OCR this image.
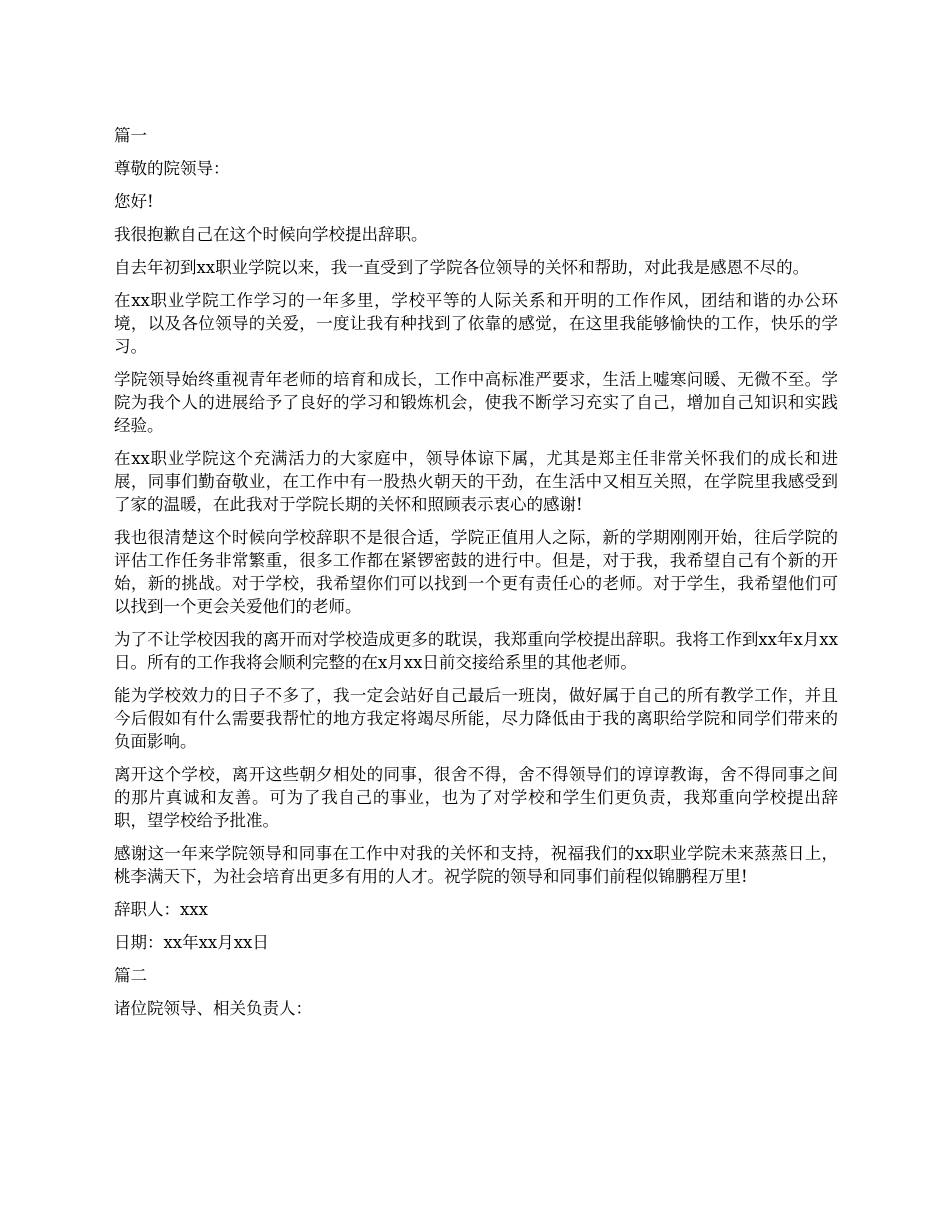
篇一

尊敬的院领导：

您好!

我很抱歉自己在这个时候向学校提出辞职。

自去年初到xx职业学院以来，我一直受到了学院各位领导的关怀和帮助，对此我是感恩不尽的。

在xx职业学院工作学习的一年多里，学校平等的人际关系和开明的工作作风，团结和谐的办公环境，以及各位领导的关爱，一度让我有种找到了依靠的感觉，在这里我能够愉快的工作，快乐的学习。

学院领导始终重视青年老师的培育和成长，工作中高标准严要求，生活上嘘寒问暖、无微不至。学院为我个人的进展给予了良好的学习和锻炼机会，使我不断学习充实了自己，增加自己知识和实践经验。

在xx职业学院这个充满活力的大家庭中，领导体谅下属，尤其是郑主任非常关怀我们的成长和进展，同事们勤奋敬业，在工作中有一股热火朝天的干劲，在生活中又相互关照，在学院里我感受到了家的温暖，在此我对于学院长期的关怀和照顾表示衷心的感谢!

我也很清楚这个时候向学校辞职不是很合适，学院正值用人之际，新的学期刚刚开始，往后学院的评估工作任务非常繁重，很多工作都在紧锣密鼓的进行中。但是，对于我，我希望自己有个新的开始，新的挑战。对于学校，我希望你们可以找到一个更有责任心的老师。对于学生，我希望他们可以找到一个更会关爱他们的老师。

为了不让学校因我的离开而对学校造成更多的耽误，我郑重向学校提出辞职。我将工作到xx年x月xx日。所有的工作我将会顺利完整的在x月xx日前交接给系里的其他老师。

能为学校效力的日子不多了，我一定会站好自己最后一班岗，做好属于自己的所有教学工作，并且今后假如有什么需要我帮忙的地方我定将竭尽所能，尽力降低由于我的离职给学院和同学们带来的负面影响。

离开这个学校，离开这些朝夕相处的同事，很舍不得，舍不得领导们的谆谆教诲，舍不得同事之间的那片真诚和友善。可为了我自己的事业，也为了对学校和学生们更负责，我郑重向学校提出辞职，望学校给予批准。

感谢这一年来学院领导和同事在工作中对我的关怀和支持，祝福我们的xx职业学院未来蒸蒸日上，桃李满天下，为社会培育出更多有用的人才。祝学院的领导和同事们前程似锦鹏程万里!

辞职人：xxx

日期：xx年xx月xx日

篇二

诸位院领导、相关负责人：
